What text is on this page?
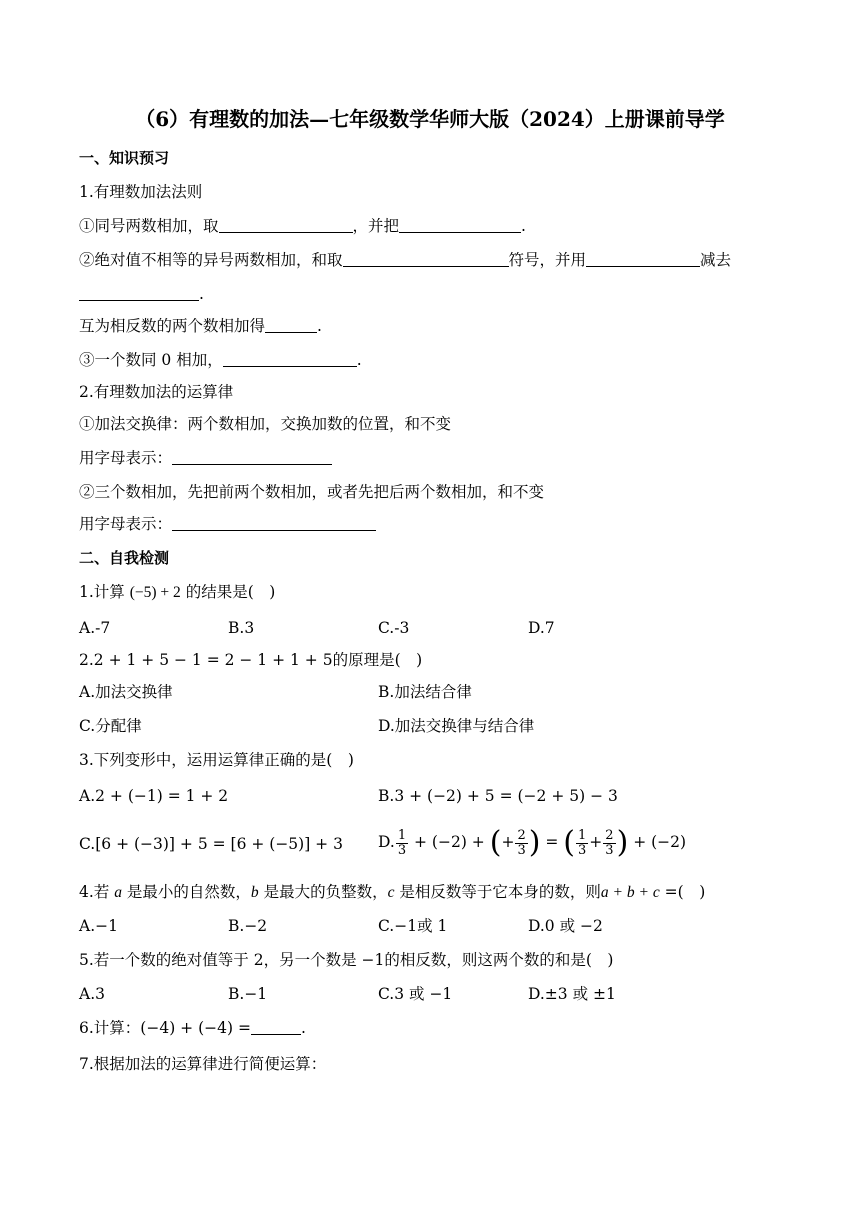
（6）有理数的加法—七年级数学华师大版（2024）上册课前导学
一、知识预习
1.有理数加法法则
①同号两数相加，取	，并把	.
②绝对值不相等的异号两数相加，和取	符号，并用	减去
.
互为相反数的两个数相加得	.
③一个数同 0 相加，	.
2.有理数加法的运算律
①加法交换律：两个数相加，交换加数的位置，和不变
用字母表示：
②三个数相加，先把前两个数相加，或者先把后两个数相加，和不变
用字母表示：
二、自我检测
1.计算 (−5) + 2 的结果是(　)
A.-7	B.3	C.-3	D.7
2.2 + 1 + 5 − 1 = 2 − 1 + 1 + 5的原理是(　)
A.加法交换律	B.加法结合律
C.分配律	D.加法交换律与结合律
3.下列变形中，运用运算律正确的是(　)
A.2 + (−1) = 1 + 2	B.3 + (−2) + 5 = (−2 + 5) − 3
C.[6 + (−3)] + 5 = [6 + (−5)] + 3 D. $\frac{1}{3} + (-2)$ + (+ $\frac{2}{3}$ ) = ( $\frac{1}{3} + \frac{2}{3}$ ) + (−2)
4.若 a 是最小的自然数，b 是最大的负整数，c 是相反数等于它本身的数，则a + b + c =(　)
A.−1	B.−2	C.−1或 1	D.0 或 −2
5.若一个数的绝对值等于 2，另一个数是 −1的相反数，则这两个数的和是(　)
A.3	B.−1	C.3 或 −1	D.±3 或 ±1
6.计算：(−4) + (−4) =	.
7.根据加法的运算律进行简便运算：
